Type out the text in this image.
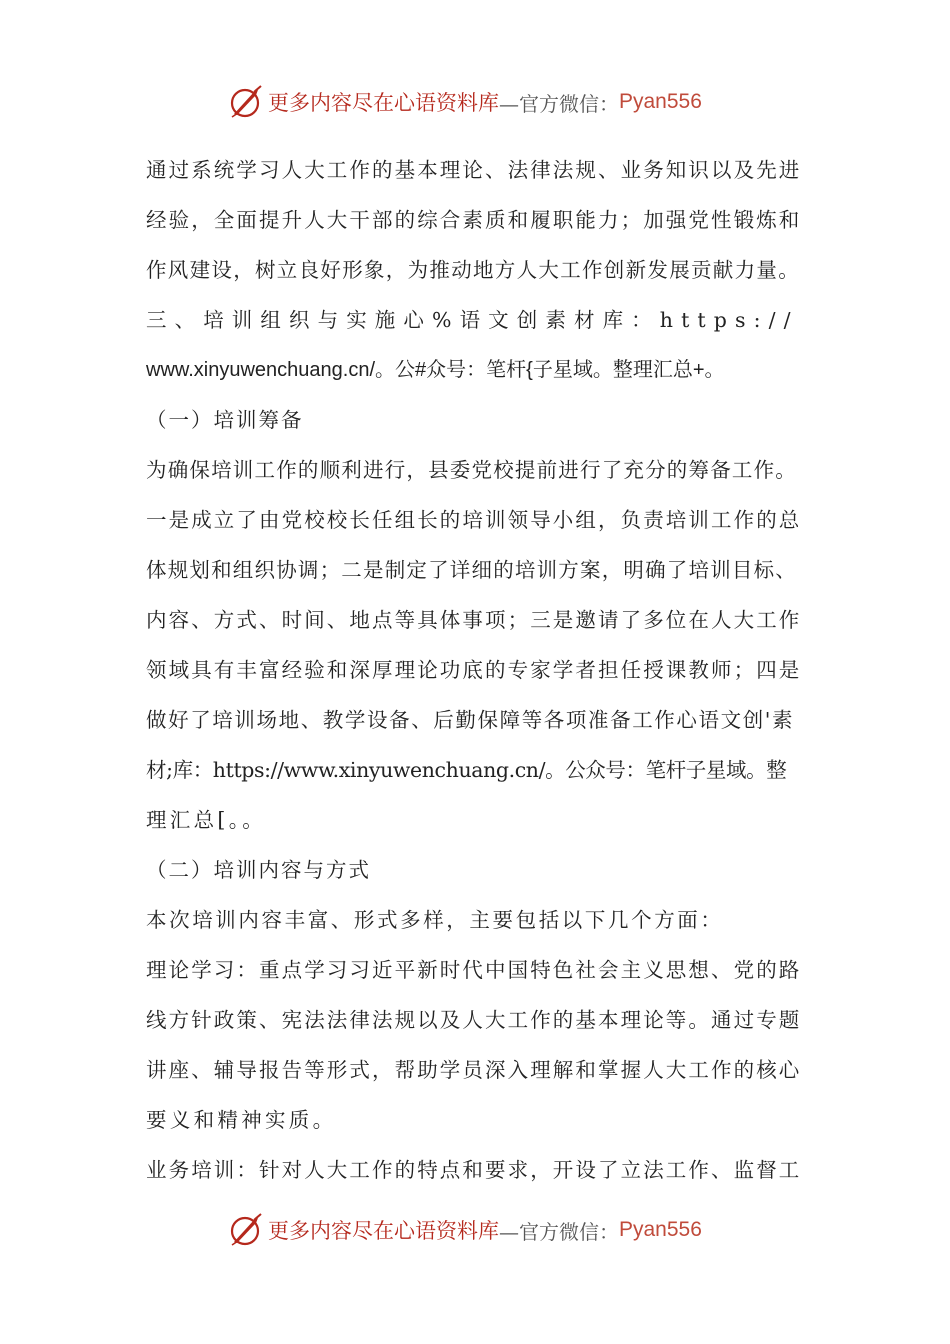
更多内容尽在心语资料库 —官方微信： Pyan556
通过系统学习人大工作的基本理论、法律法规、业务知识以及先进
经验，全面提升人大干部的综合素质和履职能力；加强党性锻炼和
作风建设，树立良好形象，为推动地方人大工作创新发展贡献力量。
三、培训组织与实施心%语文创素材库：https://
www.xinyuwenchuang.cn/。公#众号：笔杆{子星域。整理汇总+。
（一）培训筹备
为确保培训工作的顺利进行，县委党校提前进行了充分的筹备工作。
一是成立了由党校校长任组长的培训领导小组，负责培训工作的总
体规划和组织协调；二是制定了详细的培训方案，明确了培训目标、
内容、方式、时间、地点等具体事项；三是邀请了多位在人大工作
领域具有丰富经验和深厚理论功底的专家学者担任授课教师；四是
做好了培训场地、教学设备、后勤保障等各项准备工作心语文创'素
材;库：https://www.xinyuwenchuang.cn/。公众号：笔杆子星域。整
理汇总[。。
（二）培训内容与方式
本次培训内容丰富、形式多样，主要包括以下几个方面：
理论学习：重点学习习近平新时代中国特色社会主义思想、党的路
线方针政策、宪法法律法规以及人大工作的基本理论等。通过专题
讲座、辅导报告等形式，帮助学员深入理解和掌握人大工作的核心
要义和精神实质。
业务培训：针对人大工作的特点和要求，开设了立法工作、监督工
更多内容尽在心语资料库 —官方微信： Pyan556
